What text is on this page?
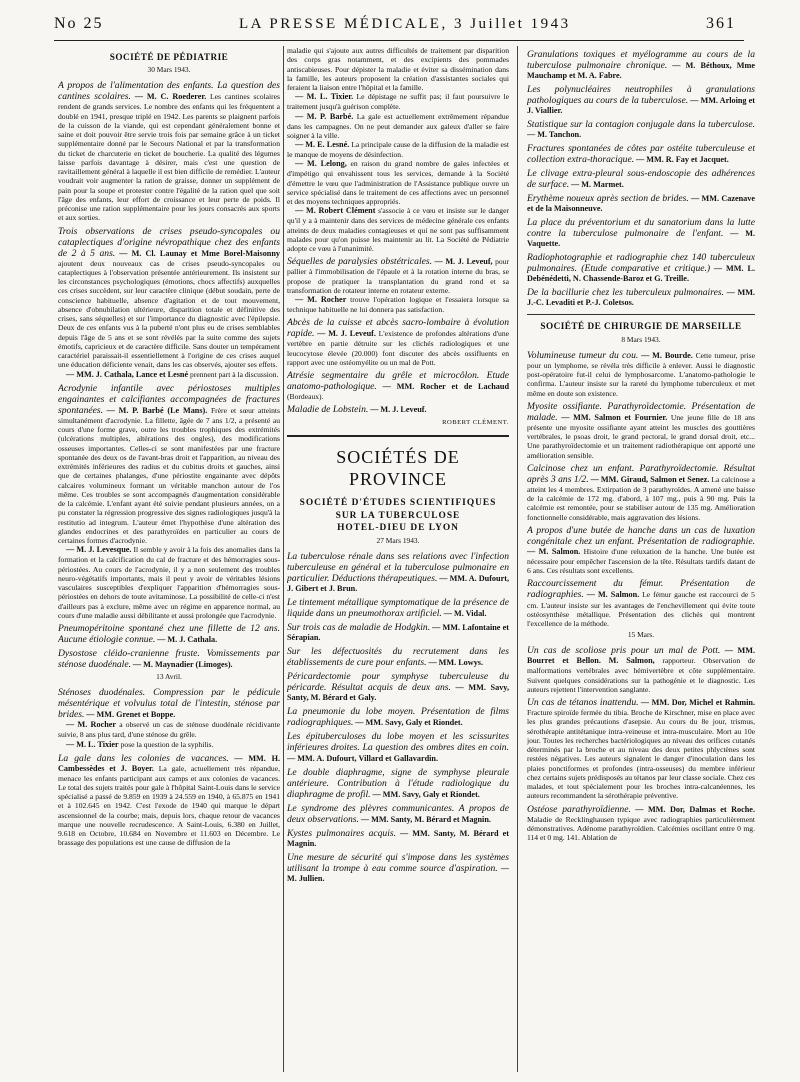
No 25	LA PRESSE MÉDICALE, 3 Juillet 1943	361
SOCIÉTÉ DE PÉDIATRIE
30 Mars 1943.
A propos de l'alimentation des enfants. La question des cantines scolaires. — M. C. Roederer. Les cantines scolaires rendent de grands services. Le nombre des enfants qui les fréquentent a doublé en 1941, presque triplé en 1942. Les parents se plaignent parfois de la cuisson de la viande, qui est cependant généralement bonne et saine et doit pouvoir être servie trois fois par semaine grâce à un ticket supplémentaire donné par le Secours National et par la transformation du ticket de charcuterie en ticket de boucherie. La qualité des légumes laisse parfois davantage à désirer, mais c'est une question de ravitaillement général à laquelle il est bien difficile de remédier. L'auteur voudrait voir augmenter la ration de graisse, donner un supplément de pain pour la soupe et protester contre l'égalité de la ration quel que soit l'âge des enfants, leur effort de croissance et leur perte de poids. Il préconise une ration supplémentaire pour les jours consacrés aux sports et aux sorties.
Trois observations de crises pseudo-syncopales ou cataplectiques d'origine névropathique chez des enfants de 2 à 5 ans. — M. Cl. Launay et Mme Borel-Maisonny ajoutent deux nouveaux cas de crises pseudo-syncopales ou cataplectiques à l'observation présentée antérieurement. Ils insistent sur les circonstances psychologiques (émotions, chocs affectifs) auxquelles ces crises succèdent, sur leur caractère clinique (début soudain, perte de conscience habituelle, absence d'agitation et de tout mouvement, absence d'obnubilation ultérieure, disparition totale et définitive des crises, sans séquelles) et sur l'importance du diagnostic avec l'épilepsie. Deux de ces enfants vus à la puberté n'ont plus eu de crises semblables depuis l'âge de 5 ans et se sont révélés par la suite comme des sujets émotifs, capricieux et de caractère difficile. Sans douter un tempérament caractériel paraissait-il essentiellement à l'origine de ces crises auquel une éducation déficiente venait, dans les cas observés, ajouter ses effets.

— MM. J. Cathala, Lance et Lesné prennent part à la discussion.

Acrodynie infantile avec périostoses multiples engainantes et calcifiantes accompagnées de fractures spontanées. — M. P. Barbé (Le Mans). Frère et sœur atteints simultanément d'acrodynie. La fillette, âgée de 7 ans 1/2, a présenté au cours d'une forme grave, outre les troubles trophiques des extrémités (ulcérations multiples, altérations des ongles), des modifications osseuses importantes. Celles-ci se sont manifestées par une fracture spontanée des deux os de l'avant-bras droit et l'apparition, au niveau des extrémités inférieures des radius et du cubitus droits et gauches, ainsi que de certaines phalanges, d'une périostite engainante avec dépôts calcaires volumineux formant un véritable manchon autour de l'os même. Ces troubles se sont accompagnés d'augmentation considérable de la calcémie. L'enfant ayant été suivie pendant plusieurs années, on a pu constater la régression progressive des signes radiologiques jusqu'à la restitutio ad integrum. L'auteur émet l'hypothèse d'une altération des glandes endocrines et des parathyroïdes en particulier au cours de certaines formes d'acrodynie.

— M. J. Levesque. Il semble y avoir à la fois des anomalies dans la formation et la calcification du cal de fracture et des hémorragies sous-périostées. Au cours de l'acrodynie, il y a non seulement des troubles neuro-végétatifs importants, mais il peut y avoir de véritables lésions vasculaires susceptibles d'expliquer l'apparition d'hémorragies sous-périostées en dehors de toute avitaminose. La possibilité de celle-ci n'est d'ailleurs pas à exclure, même avec un régime en apparence normal, au cours d'une maladie aussi débilitante et aussi prolongée que l'acrodynie.

Pneumopéritoine spontané chez une fillette de 12 ans. Aucune étiologie connue. — M. J. Cathala.
Dysostose cléido-cranienne fruste. Vomissements par sténose duodénale. — M. Maynadier (Limoges).
13 Avril.
Sténoses duodénales. Compression par le pédicule mésentérique et volvulus total de l'intestin, sténose par brides. — MM. Grenet et Boppe.

— M. Rocher a observé un cas de sténose duodénale récidivante suivie, 8 ans plus tard, d'une sténose du grêle.

— M. L. Tixier pose la question de la syphilis.

La gale dans les colonies de vacances. — MM. H. Cambessèdes et J. Boyer. La gale, actuellement très répandue, menace les enfants participant aux camps et aux colonies de vacances. Le total des sujets traités pour gale à l'hôpital Saint-Louis dans le service spécialisé a passé de 9.859 en 1939 à 24.559 en 1940, à 65.875 en 1941 et à 102.645 en 1942. C'est l'exode de 1940 qui marque le départ ascensionnel de la courbe; mais, depuis lors, chaque retour de vacances marque une nouvelle recrudescence. A Saint-Louis, 6.380 en Juillet, 9.618 en Octobre, 10.684 en Novembre et 11.603 en Décembre. Le brassage des populations est une cause de diffusion de la

maladie qui s'ajoute aux autres difficultés de traitement par disparition des corps gras notamment, et des excipients des pommades antiscabieuses. Pour dépister la maladie et éviter sa dissémination dans la famille, les auteurs proposent la création d'assistantes sociales qui feraient la liaison entre l'hôpital et la famille.

— M. L. Tixier. Le dépistage ne suffit pas; il faut poursuivre le traitement jusqu'à guérison complète.

— M. P. Barbé. La gale est actuellement extrêmement répandue dans les campagnes. On ne peut demander aux galeux d'aller se faire soigner à la ville.

— M. E. Lesné. La principale cause de la diffusion de la maladie est le manque de moyens de désinfection.

— M. Lelong, en raison du grand nombre de gales infectées et d'impétigo qui envahissent tous les services, demande à la Société d'émettre le vœu que l'administration de l'Assistance publique ouvre un service spécialisé dans le traitement de ces affections avec un personnel et des moyens techniques appropriés.

— M. Robert Clément s'associe à ce vœu et insiste sur le danger qu'il y a à maintenir dans des services de médecine générale ces enfants atteints de deux maladies contagieuses et qui ne sont pas suffisamment malades pour qu'on puisse les maintenir au lit. La Société de Pédiatrie adopte ce vœu à l'unanimité.

Séquelles de paralysies obstétricales. — M. J. Leveuf, pour pallier à l'immobilisation de l'épaule et à la rotation interne du bras, se propose de pratiquer la transplantation du grand rond et sa transformation de rotateur interne en rotateur externe.

— M. Rocher trouve l'opération logique et l'essaiera lorsque sa technique habituelle ne lui donnera pas satisfaction.

Abcès de la cuisse et abcès sacro-lombaire à évolution rapide. — M. J. Leveuf. L'existence de profondes altérations d'une vertèbre en partie détruite sur les clichés radiologiques et une leucocytose élevée (20.000) font discuter des abcès ossifluents en rapport avec une ostéomyélite ou un mal de Pott.
Atrésie segmentaire du grêle et microcôlon. Etude anatomo-pathologique. — MM. Rocher et de Lachaud (Bordeaux).
Maladie de Lobstein. — M. J. Leveuf.
ROBERT CLÉMENT.
SOCIÉTÉS DE PROVINCE
SOCIÉTÉ D'ÉTUDES SCIENTIFIQUES
SUR LA TUBERCULOSE
HOTEL-DIEU DE LYON
27 Mars 1943.
La tuberculose rénale dans ses relations avec l'infection tuberculeuse en général et la tuberculose pulmonaire en particulier. Déductions thérapeutiques. — MM. A. Dufourt, J. Gibert et J. Brun.
Le tintement métallique symptomatique de la présence de liquide dans un pneumothorax artificiel. — M. Vidal.
Sur trois cas de maladie de Hodgkin. — MM. Lafontaine et Sérapian.
Sur les défectuosités du recrutement dans les établissements de cure pour enfants. — MM. Lowys.
Péricardectomie pour symphyse tuberculeuse du péricarde. Résultat acquis de deux ans. — MM. Savy, Santy, M. Bérard et Galy.
La pneumonie du lobe moyen. Présentation de films radiographiques. — MM. Savy, Galy et Riondet.
Les épituberculoses du lobe moyen et les scissurites inférieures droites. La question des ombres dites en coin. — MM. A. Dufourt, Villard et Gallavardin.
Le double diaphragme, signe de symphyse pleurale antérieure. Contribution à l'étude radiologique du diaphragme de profil. — MM. Savy, Galy et Riondet.
Le syndrome des plèvres communicantes. A propos de deux observations. — MM. Santy, M. Bérard et Magnin.
Kystes pulmonaires acquis. — MM. Santy, M. Bérard et Magnin.
Une mesure de sécurité qui s'impose dans les systèmes utilisant la trompe à eau comme source d'aspiration. — M. Jullien.
Granulations toxiques et myélogramme au cours de la tuberculose pulmonaire chronique. — M. Béthoux, Mme Mauchamp et M. A. Fabre.
Les polynucléaires neutrophiles à granulations pathologiques au cours de la tuberculose. — MM. Arloing et J. Viallier.
Statistique sur la contagion conjugale dans la tuberculose. — M. Tanchon.
Fractures spontanées de côtes par ostéite tuberculeuse et collection extra-thoracique. — MM. R. Fay et Jacquet.
Le clivage extra-pleural sous-endoscopie des adhérences de surface. — M. Marmet.
Erythème noueux après section de brides. — MM. Cazenave et de la Maisonneuve.
La place du préventorium et du sanatorium dans la lutte contre la tuberculose pulmonaire de l'enfant. — M. Vaquette.
Radiophotographie et radiographie chez 140 tuberculeux pulmonaires. (Etude comparative et critique.) — MM. L. Debénédetti, N. Chassende-Baroz et G. Treille.
De la bacillurie chez les tuberculeux pulmonaires. — MM. J.-C. Levaditi et P.-J. Coletsos.
SOCIÉTÉ DE CHIRURGIE DE MARSEILLE
8 Mars 1943.
Volumineuse tumeur du cou. — M. Bourde. Cette tumeur, prise pour un lymphome, se révéla très difficile à enlever. Aussi le diagnostic post-opératoire fut-il celui de lymphosarcome. L'anatomo-pathologie le confirma. L'auteur insiste sur la rareté du lymphome tuberculeux et met même en doute son existence.
Myosite ossifiante. Parathyroïdectomie. Présentation de malade. — MM. Salmon et Fournier. Une jeune fille de 18 ans présente une myosite ossifiante ayant atteint les muscles des gouttières vertébrales, le psoas droit, le grand pectoral, le grand dorsal droit, etc... Une parathyroïdectomie et un traitement radiothérapique ont apporté une amélioration sensible.
Calcinose chez un enfant. Parathyroïdectomie. Résultat après 3 ans 1/2. — MM. Giraud, Salmon et Senez. La calcinose a atteint les 4 membres. Extirpation de 3 parathyroïdes. A amené une baisse de la calcémie de 172 mg. d'abord, à 107 mg., puis à 90 mg. Puis la calcémie est remontée, pour se stabiliser autour de 135 mg. Amélioration fonctionnelle considérable, mais aggravation des lésions.
A propos d'une butée de hanche dans un cas de luxation congénitale chez un enfant. Présentation de radiographie. — M. Salmon. Histoire d'une reluxation de la hanche. Une butée est nécessaire pour empêcher l'ascension de la tête. Résultats tardifs datant de 6 ans. Ces résultats sont excellents.
Raccourcissement du fémur. Présentation de radiographies. — M. Salmon. Le fémur gauche est raccourci de 5 cm. L'auteur insiste sur les avantages de l'enchevillement qui évite toute ostéosynthèse métallique. Présentation des clichés qui montrent l'excellence de la méthode.
15 Mars.
Un cas de scoliose pris pour un mal de Pott. — MM. Bourret et Bellon. M. Salmon, rapporteur. Observation de malformations vertébrales avec hémivertèbre et côte supplémentaire. Suivent quelques considérations sur la pathogénie et le diagnostic. Les auteurs rejettent l'intervention sanglante.
Un cas de tétanos inattendu. — MM. Dor, Michel et Rahmin. Fracture spiroïde fermée du tibia. Broche de Kirschner, mise en place avec les plus grandes précautions d'asepsie. Au cours du 8e jour, trismus, sérothérapie antitétanique intra-veineuse et intra-musculaire. Mort au 10e jour. Toutes les recherches bactériologiques au niveau des orifices cutanés déterminés par la broche et au niveau des deux petites phlyctènes sont restées négatives. Les auteurs signalent le danger d'inoculation dans les plaies ponctiformes et profondes (intra-osseuses) du membre inférieur chez certains sujets prédisposés au tétanos par leur classe sociale. Chez ces malades, et tout spécialement pour les broches intra-calcanéennes, les auteurs recommandent la sérothérapie préventive.
Ostéose parathyroïdienne. — MM. Dor, Dalmas et Roche. Maladie de Recklinghausen typique avec radiographies particulièrement démonstratives. Adénome parathyroïdien. Calcémies oscillant entre 0 mg. 114 et 0 mg. 141. Ablation de
